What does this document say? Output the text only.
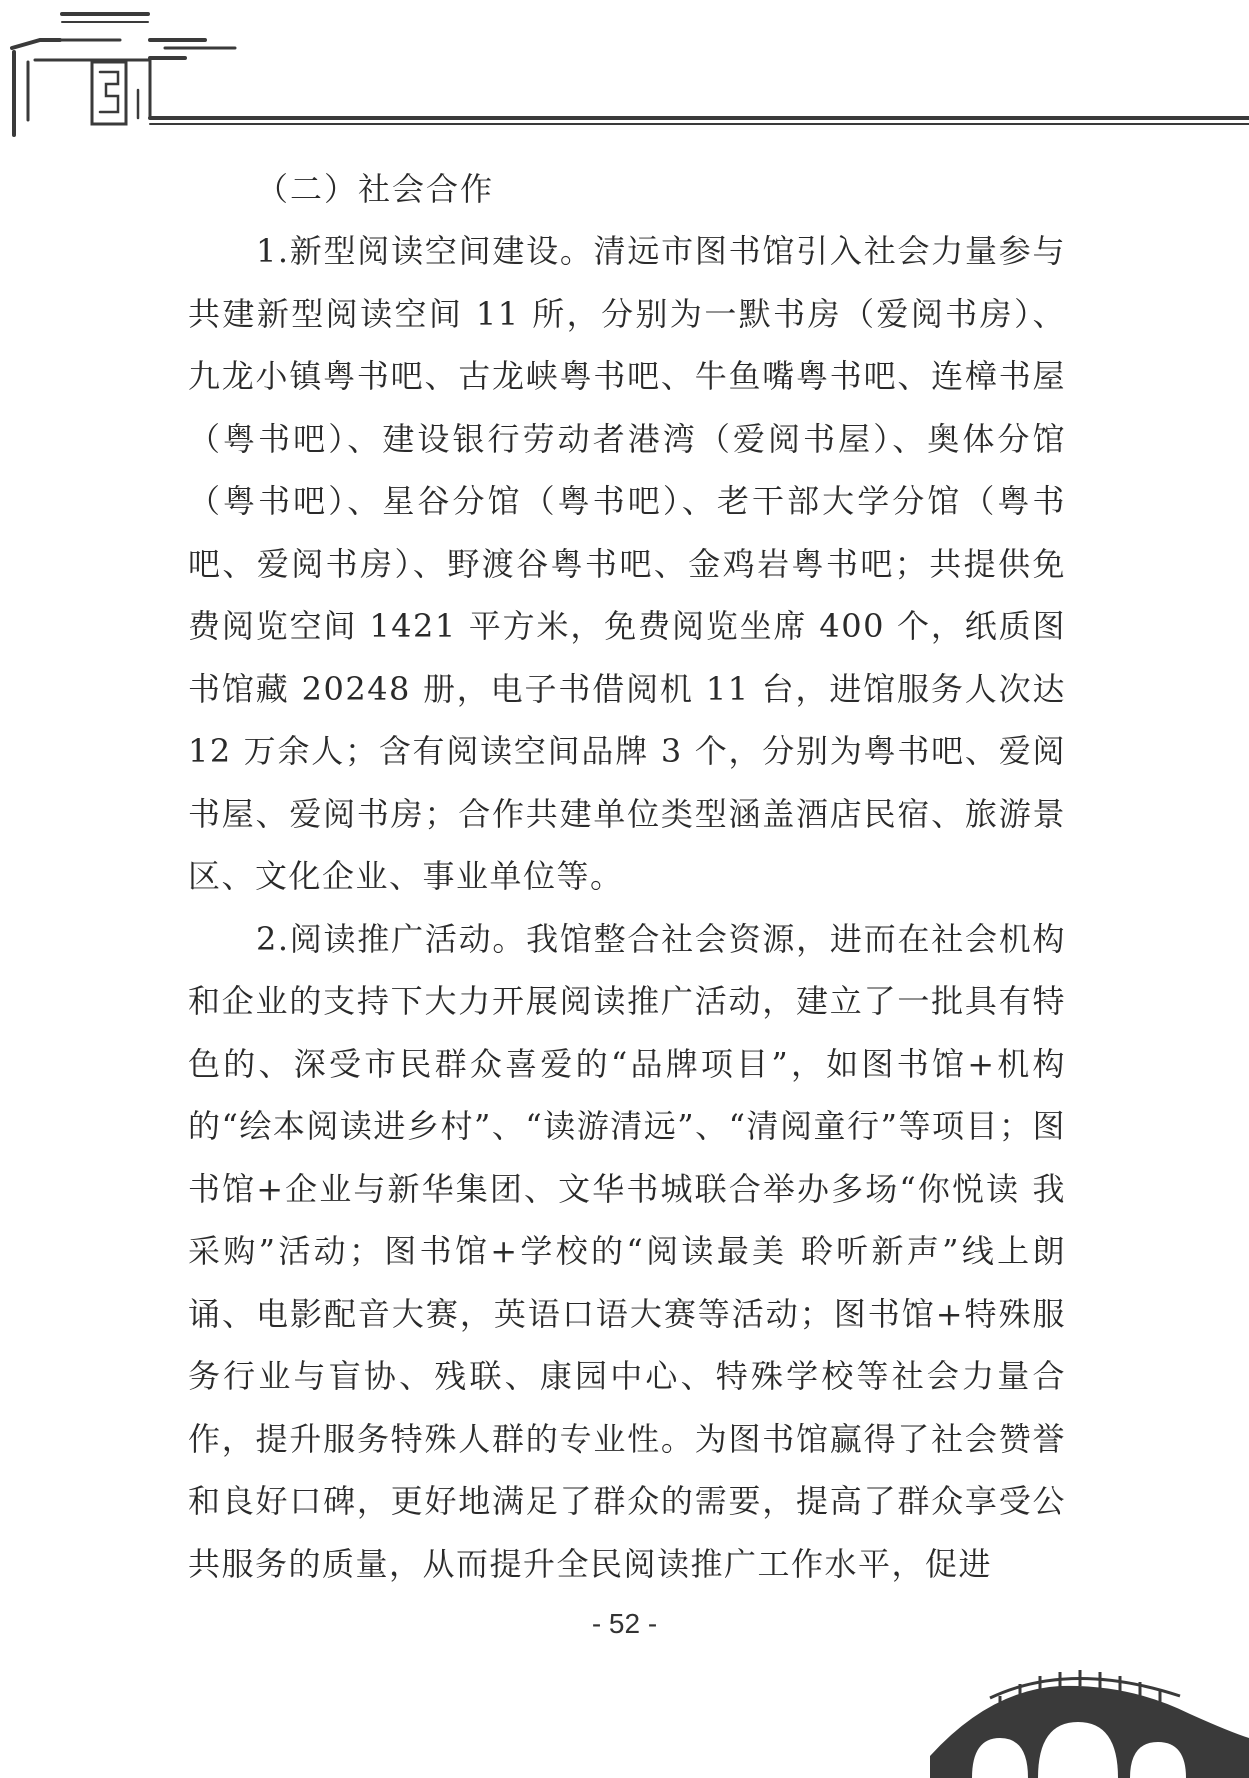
（二）社会合作

1.新型阅读空间建设。清远市图书馆引入社会力量参与共建新型阅读空间 11 所，分别为一默书房（爱阅书房）、九龙小镇粤书吧、古龙峡粤书吧、牛鱼嘴粤书吧、连樟书屋（粤书吧）、建设银行劳动者港湾（爱阅书屋）、奥体分馆（粤书吧）、星谷分馆（粤书吧）、老干部大学分馆（粤书吧、爱阅书房）、野渡谷粤书吧、金鸡岩粤书吧；共提供免费阅览空间 1421 平方米，免费阅览坐席 400 个，纸质图书馆藏 20248 册，电子书借阅机 11 台，进馆服务人次达 12 万余人；含有阅读空间品牌 3 个，分别为粤书吧、爱阅书屋、爱阅书房；合作共建单位类型涵盖酒店民宿、旅游景区、文化企业、事业单位等。

2.阅读推广活动。我馆整合社会资源，进而在社会机构和企业的支持下大力开展阅读推广活动，建立了一批具有特色的、深受市民群众喜爱的“品牌项目”，如图书馆+机构的“绘本阅读进乡村”、“读游清远”、“清阅童行”等项目；图书馆+企业与新华集团、文华书城联合举办多场“你悦读 我采购”活动；图书馆+学校的“阅读最美 聆听新声”线上朗诵、电影配音大赛，英语口语大赛等活动；图书馆+特殊服务行业与盲协、残联、康园中心、特殊学校等社会力量合作，提升服务特殊人群的专业性。为图书馆赢得了社会赞誉和良好口碑，更好地满足了群众的需要，提高了群众享受公共服务的质量，从而提升全民阅读推广工作水平，促进

- 52 -
